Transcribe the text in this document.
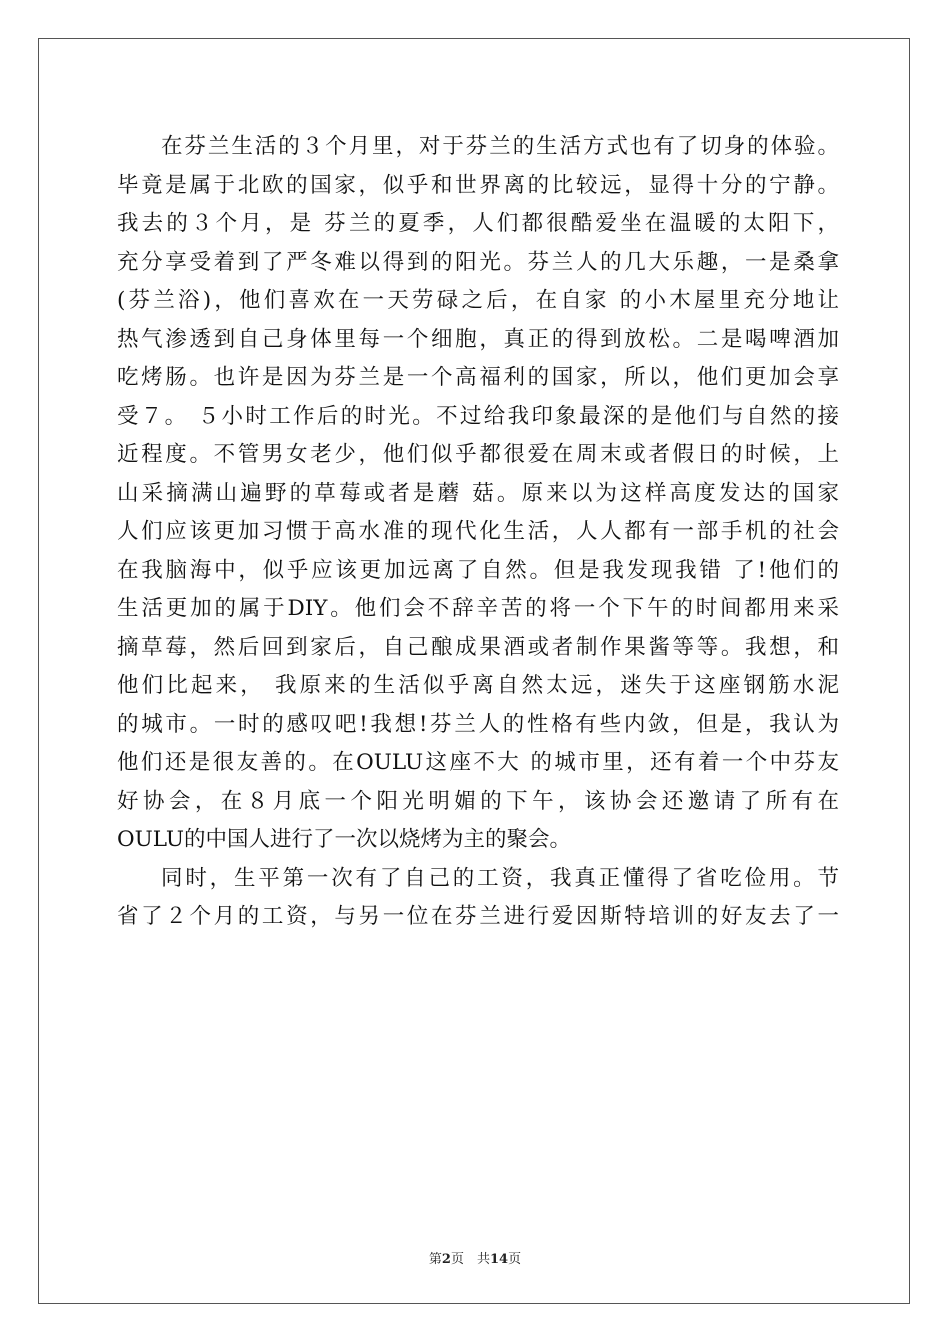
在芬兰生活的３个月里，对于芬兰的生活方式也有了切身的体验。
毕竟是属于北欧的国家，似乎和世界离的比较远，显得十分的宁静。
我去的３个月，是 芬兰的夏季，人们都很酷爱坐在温暖的太阳下，
充分享受着到了严冬难以得到的阳光。芬兰人的几大乐趣，一是桑拿
(芬兰浴)，他们喜欢在一天劳碌之后，在自家 的小木屋里充分地让
热气渗透到自己身体里每一个细胞，真正的得到放松。二是喝啤酒加
吃烤肠。也许是因为芬兰是一个高福利的国家，所以，他们更加会享
受７。 ５小时工作后的时光。不过给我印象最深的是他们与自然的接
近程度。不管男女老少，他们似乎都很爱在周末或者假日的时候，上
山采摘满山遍野的草莓或者是蘑 菇。原来以为这样高度发达的国家
人们应该更加习惯于高水准的现代化生活，人人都有一部手机的社会
在我脑海中，似乎应该更加远离了自然。但是我发现我错 了!他们的
生活更加的属于DIY。他们会不辞辛苦的将一个下午的时间都用来采
摘草莓，然后回到家后，自己酿成果酒或者制作果酱等等。我想，和
他们比起来， 我原来的生活似乎离自然太远，迷失于这座钢筋水泥
的城市。一时的感叹吧!我想!芬兰人的性格有些内敛，但是，我认为
他们还是很友善的。在OULU这座不大 的城市里，还有着一个中芬友
好协会，在８月底一个阳光明媚的下午，该协会还邀请了所有在
OULU的中国人进行了一次以烧烤为主的聚会。
同时，生平第一次有了自己的工资，我真正懂得了省吃俭用。节
省了２个月的工资，与另一位在芬兰进行爱因斯特培训的好友去了一
第2页　共14页
